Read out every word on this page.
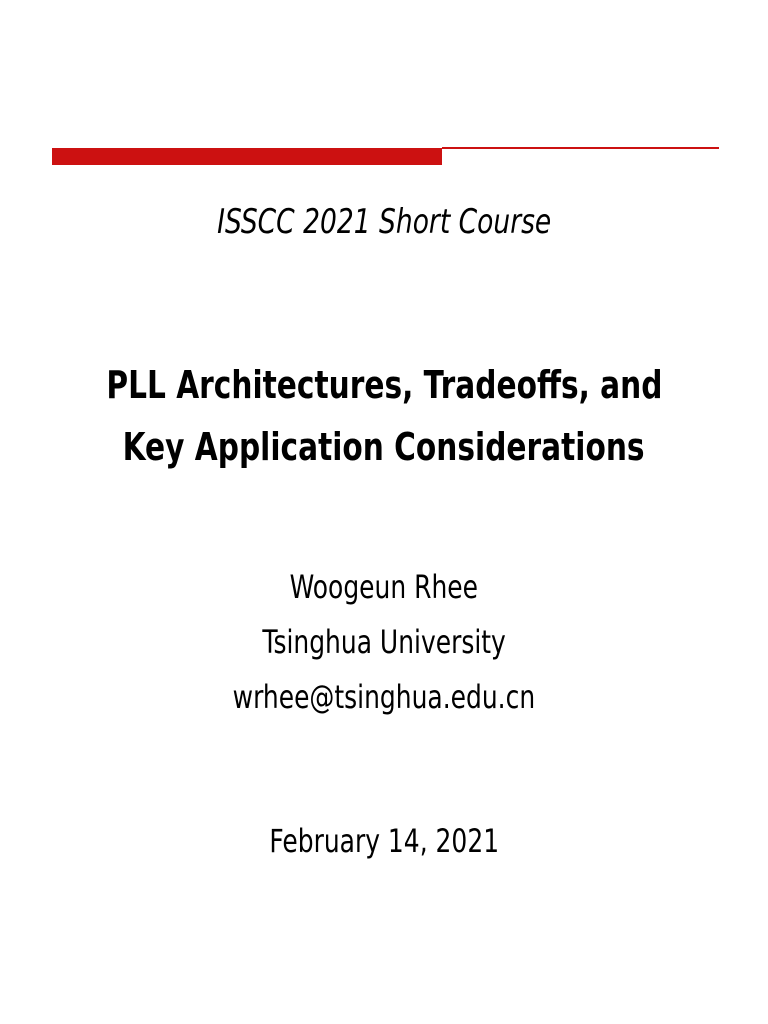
ISSCC 2021 Short Course
PLL Architectures, Tradeoffs, and
Key Application Considerations
Woogeun Rhee
Tsinghua University
wrhee@tsinghua.edu.cn
February 14, 2021
